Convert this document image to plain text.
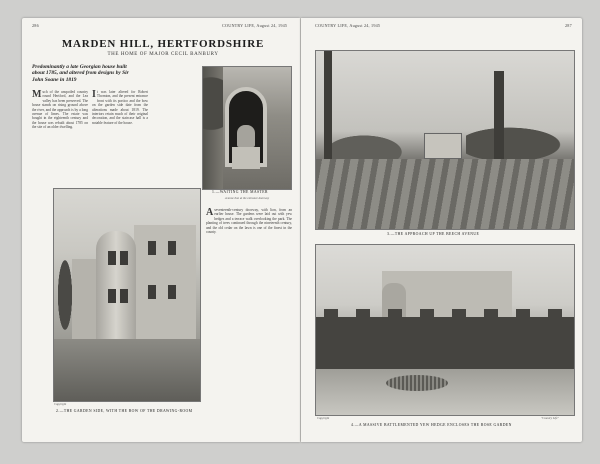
286	COUNTRY LIFE, August 24, 1945
MARDEN HILL, HERTFORDSHIRE
THE HOME OF MAJOR CECIL BANBURY
Predominantly a late Georgian house built about 1785, and altered from designs by Sir John Soane in 1819
Much of the unspoiled country round Hertford, and the Lea valley has been preserved. The house stands on rising ground above the river, and the approach is by a long avenue of limes. The estate was bought in the eighteenth century and the house was rebuilt about 1785 on the site of an older dwelling.
It was later altered for Robert Thornton, and the present entrance front with its portico and the bow on the garden side date from the alterations made about 1819. The interiors retain much of their original decoration, and the staircase hall is a notable feature of the house.
1.—WAITING THE MASTER
A stone lion at the entrance doorway
Copyright
2.—THE GARDEN SIDE, WITH THE BOW OF THE DRAWING-ROOM
Aseventeenth-century doorway, with lion, from an earlier house. The gardens were laid out with yew hedges and a terrace walk overlooking the park. The planting of trees continued through the nineteenth century, and the old cedar on the lawn is one of the finest in the county.
COUNTRY LIFE, August 24, 1945	287
3.—THE APPROACH UP THE BEECH AVENUE
Copyright	"Country Life"
4.—A MASSIVE BATTLEMENTED YEW HEDGE ENCLOSES THE ROSE GARDEN
